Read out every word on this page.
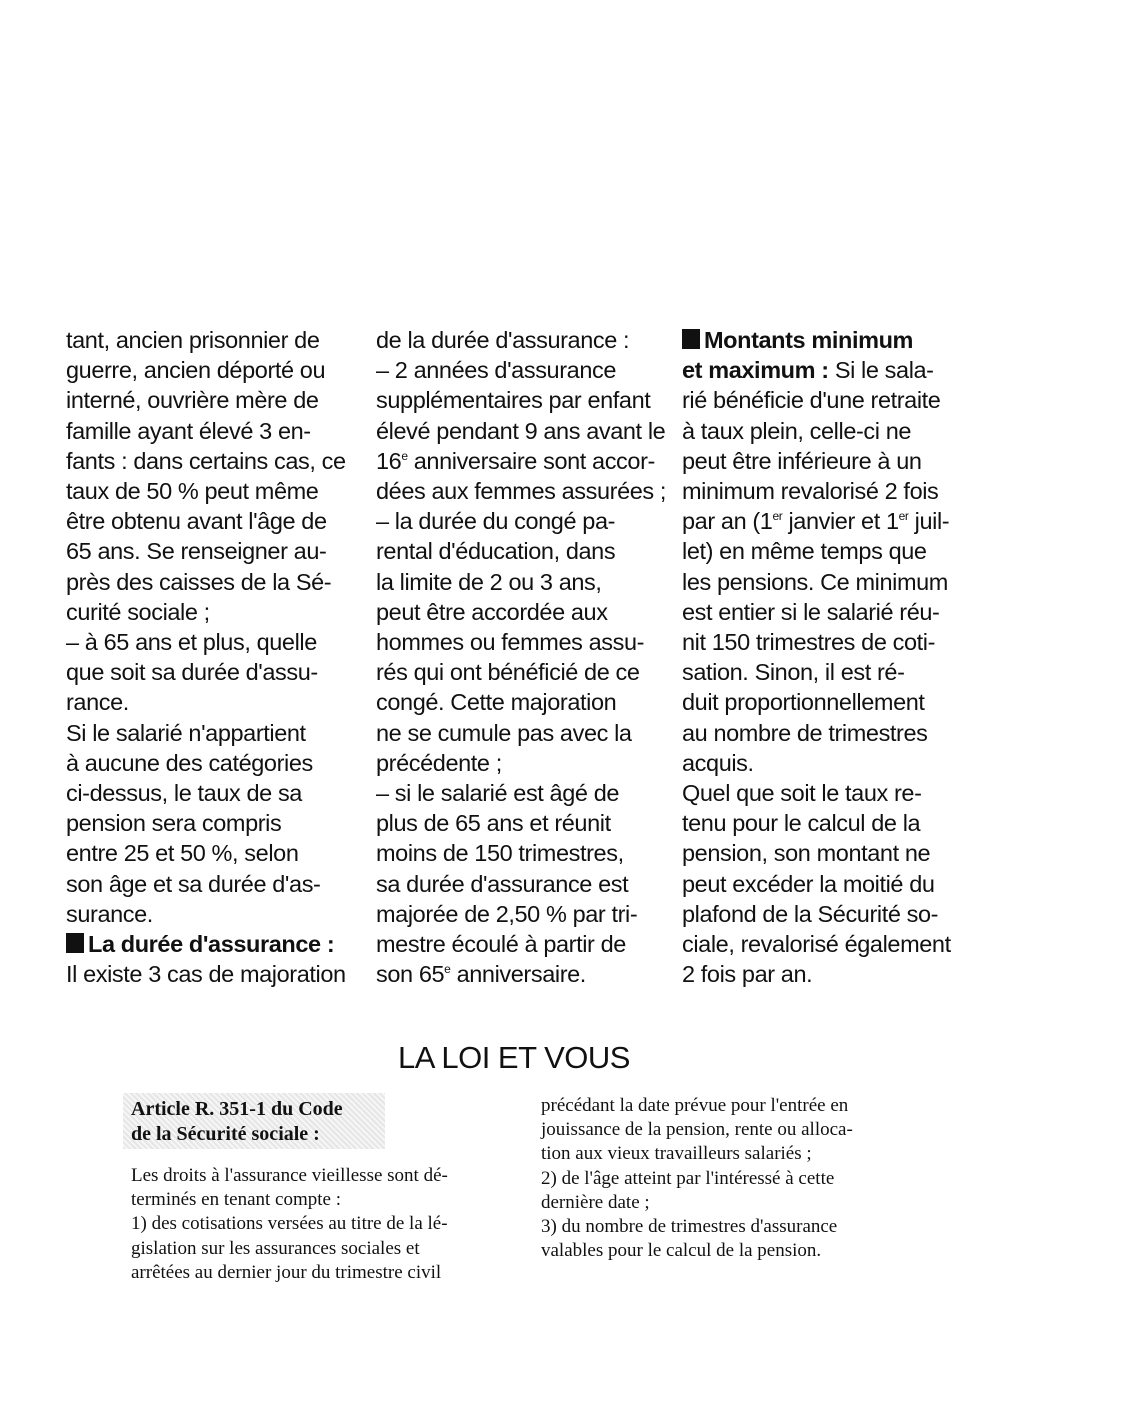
tant, ancien prisonnier de
guerre, ancien déporté ou
interné, ouvrière mère de
famille ayant élevé 3 en-
fants : dans certains cas, ce
taux de 50 % peut même
être obtenu avant l'âge de
65 ans. Se renseigner au-
près des caisses de la Sé-
curité sociale ;
– à 65 ans et plus, quelle
que soit sa durée d'assu-
rance.
Si le salarié n'appartient
à aucune des catégories
ci-dessus, le taux de sa
pension sera compris
entre 25 et 50 %, selon
son âge et sa durée d'as-
surance.
La durée d'assurance :
Il existe 3 cas de majoration
de la durée d'assurance :
– 2 années d'assurance
supplémentaires par enfant
élevé pendant 9 ans avant le
16e anniversaire sont accor-
dées aux femmes assurées ;
– la durée du congé pa-
rental d'éducation, dans
la limite de 2 ou 3 ans,
peut être accordée aux
hommes ou femmes assu-
rés qui ont bénéficié de ce
congé. Cette majoration
ne se cumule pas avec la
précédente ;
– si le salarié est âgé de
plus de 65 ans et réunit
moins de 150 trimestres,
sa durée d'assurance est
majorée de 2,50 % par tri-
mestre écoulé à partir de
son 65e anniversaire.
Montants minimum
et maximum : Si le sala-
rié bénéficie d'une retraite
à taux plein, celle-ci ne
peut être inférieure à un
minimum revalorisé 2 fois
par an (1er janvier et 1er juil-
let) en même temps que
les pensions. Ce minimum
est entier si le salarié réu-
nit 150 trimestres de coti-
sation. Sinon, il est ré-
duit proportionnellement
au nombre de trimestres
acquis.
Quel que soit le taux re-
tenu pour le calcul de la
pension, son montant ne
peut excéder la moitié du
plafond de la Sécurité so-
ciale, revalorisé également
2 fois par an.
LA LOI ET VOUS
Article R. 351-1 du Code
de la Sécurité sociale :
Les droits à l'assurance vieillesse sont dé-
terminés en tenant compte :
1) des cotisations versées au titre de la lé-
gislation sur les assurances sociales et
arrêtées au dernier jour du trimestre civil
précédant la date prévue pour l'entrée en
jouissance de la pension, rente ou alloca-
tion aux vieux travailleurs salariés ;
2) de l'âge atteint par l'intéressé à cette
dernière date ;
3) du nombre de trimestres d'assurance
valables pour le calcul de la pension.
